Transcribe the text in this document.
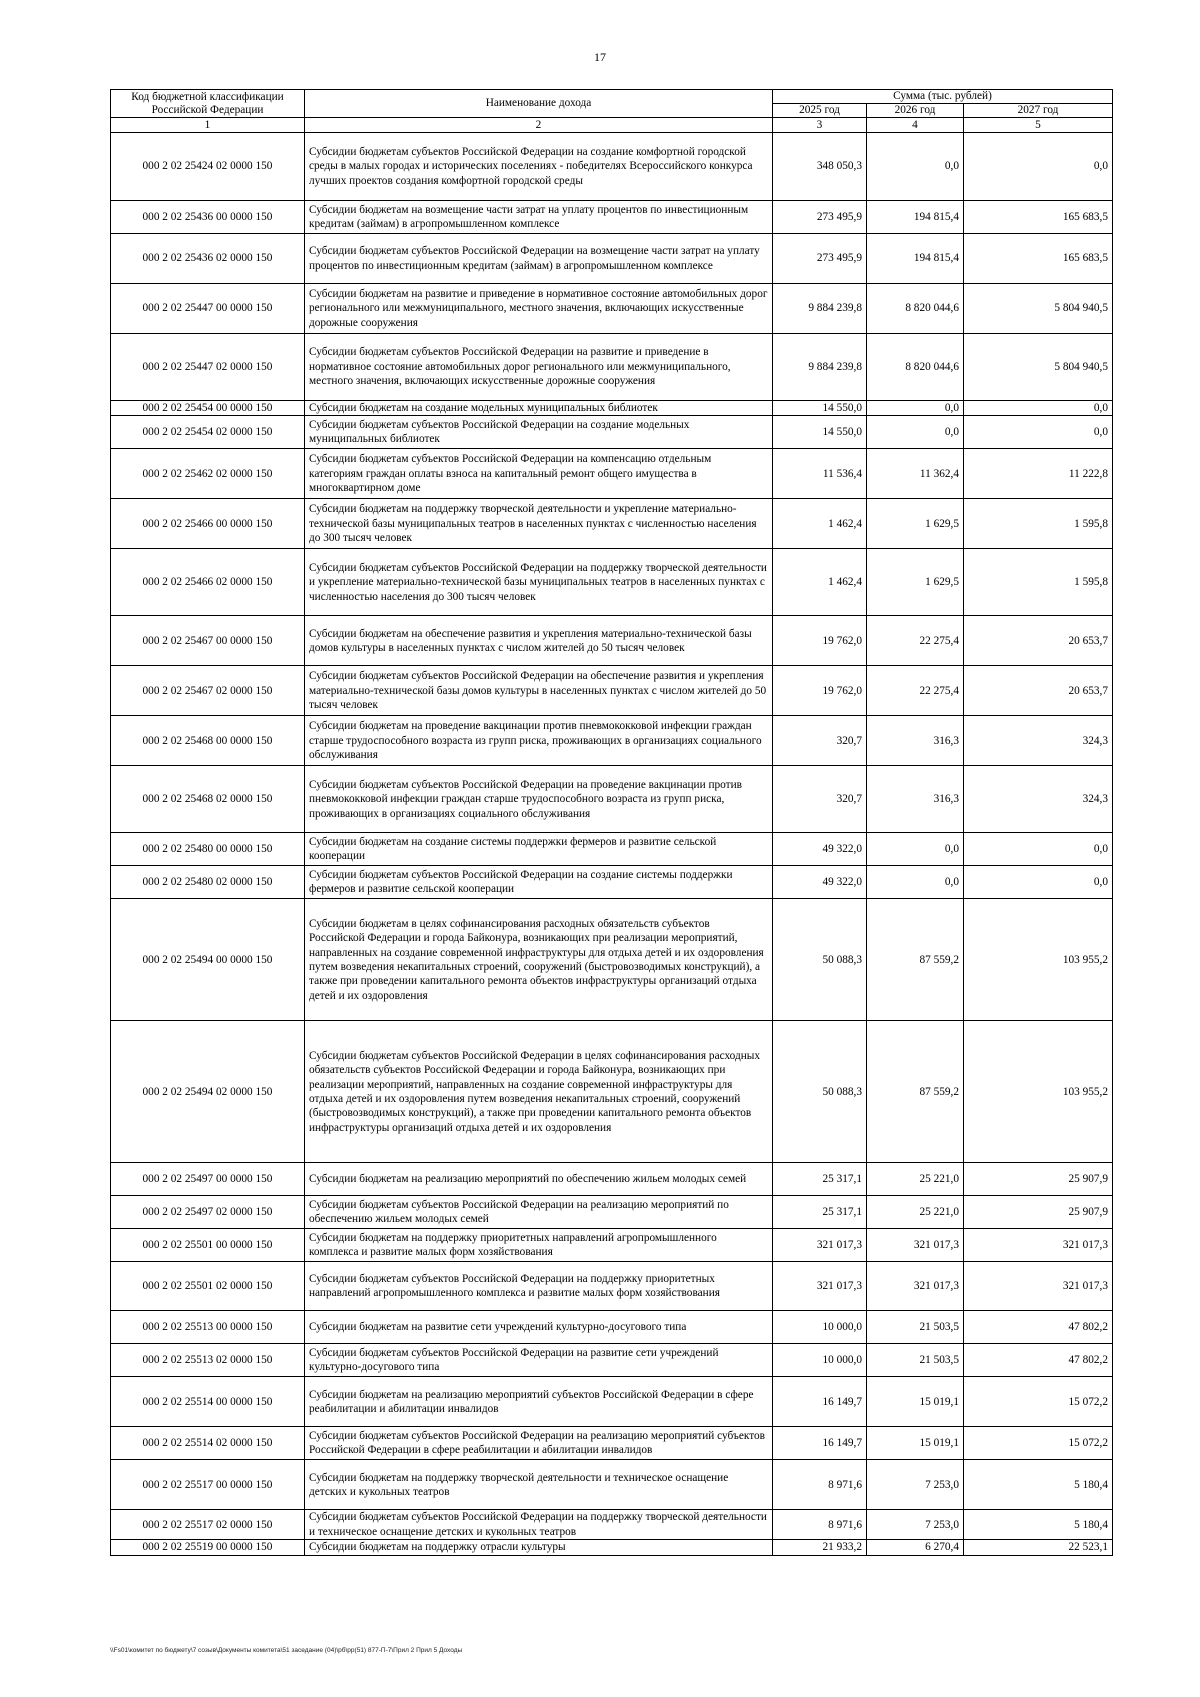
17
Код бюджетной классификации Российской Федерации	Наименование дохода	Сумма (тыс. рублей)		
		2025 год	2026 год	2027 год
1	2	3	4	5
000 2 02 25424 02 0000 150	Субсидии бюджетам субъектов Российской Федерации на создание комфортной городской среды в малых городах и исторических поселениях - победителях Всероссийского конкурса лучших проектов создания комфортной городской среды	348 050,3	0,0	0,0
000 2 02 25436 00 0000 150	Субсидии бюджетам на возмещение части затрат на уплату процентов по инвестиционным кредитам (займам) в агропромышленном комплексе	273 495,9	194 815,4	165 683,5
000 2 02 25436 02 0000 150	Субсидии бюджетам субъектов Российской Федерации на возмещение части затрат на уплату процентов по инвестиционным кредитам (займам) в агропромышленном комплексе	273 495,9	194 815,4	165 683,5
000 2 02 25447 00 0000 150	Субсидии бюджетам на развитие и приведение в нормативное состояние автомобильных дорог регионального или межмуниципального, местного значения, включающих искусственные дорожные сооружения	9 884 239,8	8 820 044,6	5 804 940,5
000 2 02 25447 02 0000 150	Субсидии бюджетам субъектов Российской Федерации на развитие и приведение в нормативное состояние автомобильных дорог регионального или межмуниципального, местного значения, включающих искусственные дорожные сооружения	9 884 239,8	8 820 044,6	5 804 940,5
000 2 02 25454 00 0000 150	Субсидии бюджетам на создание модельных муниципальных библиотек	14 550,0	0,0	0,0
000 2 02 25454 02 0000 150	Субсидии бюджетам субъектов Российской Федерации на создание модельных муниципальных библиотек	14 550,0	0,0	0,0
000 2 02 25462 02 0000 150	Субсидии бюджетам субъектов Российской Федерации на компенсацию отдельным категориям граждан оплаты взноса на капитальный ремонт общего имущества в многоквартирном доме	11 536,4	11 362,4	11 222,8
000 2 02 25466 00 0000 150	Субсидии бюджетам на поддержку творческой деятельности и укрепление материально-технической базы муниципальных театров в населенных пунктах с численностью населения до 300 тысяч человек	1 462,4	1 629,5	1 595,8
000 2 02 25466 02 0000 150	Субсидии бюджетам субъектов Российской Федерации на поддержку творческой деятельности и укрепление материально-технической базы муниципальных театров в населенных пунктах с численностью населения до 300 тысяч человек	1 462,4	1 629,5	1 595,8
000 2 02 25467 00 0000 150	Субсидии бюджетам на обеспечение развития и укрепления материально-технической базы домов культуры в населенных пунктах с числом жителей до 50 тысяч человек	19 762,0	22 275,4	20 653,7
000 2 02 25467 02 0000 150	Субсидии бюджетам субъектов Российской Федерации на обеспечение развития и укрепления материально-технической базы домов культуры в населенных пунктах с числом жителей до 50 тысяч человек	19 762,0	22 275,4	20 653,7
000 2 02 25468 00 0000 150	Субсидии бюджетам на проведение вакцинации против пневмококковой инфекции граждан старше трудоспособного возраста из групп риска, проживающих в организациях социального обслуживания	320,7	316,3	324,3
000 2 02 25468 02 0000 150	Субсидии бюджетам субъектов Российской Федерации на проведение вакцинации против пневмококковой инфекции граждан старше трудоспособного возраста из групп риска, проживающих в организациях социального обслуживания	320,7	316,3	324,3
000 2 02 25480 00 0000 150	Субсидии бюджетам на создание системы поддержки фермеров и развитие сельской кооперации	49 322,0	0,0	0,0
000 2 02 25480 02 0000 150	Субсидии бюджетам субъектов Российской Федерации на создание системы поддержки фермеров и развитие сельской кооперации	49 322,0	0,0	0,0
000 2 02 25494 00 0000 150	Субсидии бюджетам в целях софинансирования расходных обязательств субъектов Российской Федерации и города Байконура, возникающих при реализации мероприятий, направленных на создание современной инфраструктуры для отдыха детей и их оздоровления путем возведения некапитальных строений, сооружений (быстровозводимых конструкций), а также при проведении капитального ремонта объектов инфраструктуры организаций отдыха детей и их оздоровления	50 088,3	87 559,2	103 955,2
000 2 02 25494 02 0000 150	Субсидии бюджетам субъектов Российской Федерации в целях софинансирования расходных обязательств субъектов Российской Федерации и города Байконура, возникающих при реализации мероприятий, направленных на создание современной инфраструктуры для отдыха детей и их оздоровления путем возведения некапитальных строений, сооружений (быстровозводимых конструкций), а также при проведении капитального ремонта объектов инфраструктуры организаций отдыха детей и их оздоровления	50 088,3	87 559,2	103 955,2
000 2 02 25497 00 0000 150	Субсидии бюджетам на реализацию мероприятий по обеспечению жильем молодых семей	25 317,1	25 221,0	25 907,9
000 2 02 25497 02 0000 150	Субсидии бюджетам субъектов Российской Федерации на реализацию мероприятий по обеспечению жильем молодых семей	25 317,1	25 221,0	25 907,9
000 2 02 25501 00 0000 150	Субсидии бюджетам на поддержку приоритетных направлений агропромышленного комплекса и развитие малых форм хозяйствования	321 017,3	321 017,3	321 017,3
000 2 02 25501 02 0000 150	Субсидии бюджетам субъектов Российской Федерации на поддержку приоритетных направлений агропромышленного комплекса и развитие малых форм хозяйствования	321 017,3	321 017,3	321 017,3
000 2 02 25513 00 0000 150	Субсидии бюджетам на развитие сети учреждений культурно-досугового типа	10 000,0	21 503,5	47 802,2
000 2 02 25513 02 0000 150	Субсидии бюджетам субъектов Российской Федерации на развитие сети учреждений культурно-досугового типа	10 000,0	21 503,5	47 802,2
000 2 02 25514 00 0000 150	Субсидии бюджетам на реализацию мероприятий субъектов Российской Федерации в сфере реабилитации и абилитации инвалидов	16 149,7	15 019,1	15 072,2
000 2 02 25514 02 0000 150	Субсидии бюджетам субъектов Российской Федерации на реализацию мероприятий субъектов Российской Федерации в сфере реабилитации и абилитации инвалидов	16 149,7	15 019,1	15 072,2
000 2 02 25517 00 0000 150	Субсидии бюджетам на поддержку творческой деятельности и техническое оснащение детских и кукольных театров	8 971,6	7 253,0	5 180,4
000 2 02 25517 02 0000 150	Субсидии бюджетам субъектов Российской Федерации на поддержку творческой деятельности и техническое оснащение детских и кукольных театров	8 971,6	7 253,0	5 180,4
000 2 02 25519 00 0000 150	Субсидии бюджетам на поддержку отрасли культуры	21 933,2	6 270,4	22 523,1
\\Fs01\комитет по бюджету\7 созыв\Документы комитета\51 заседание (04)\рб\рр(51) 877-П-7\Прил 2 Прил 5 Доходы
